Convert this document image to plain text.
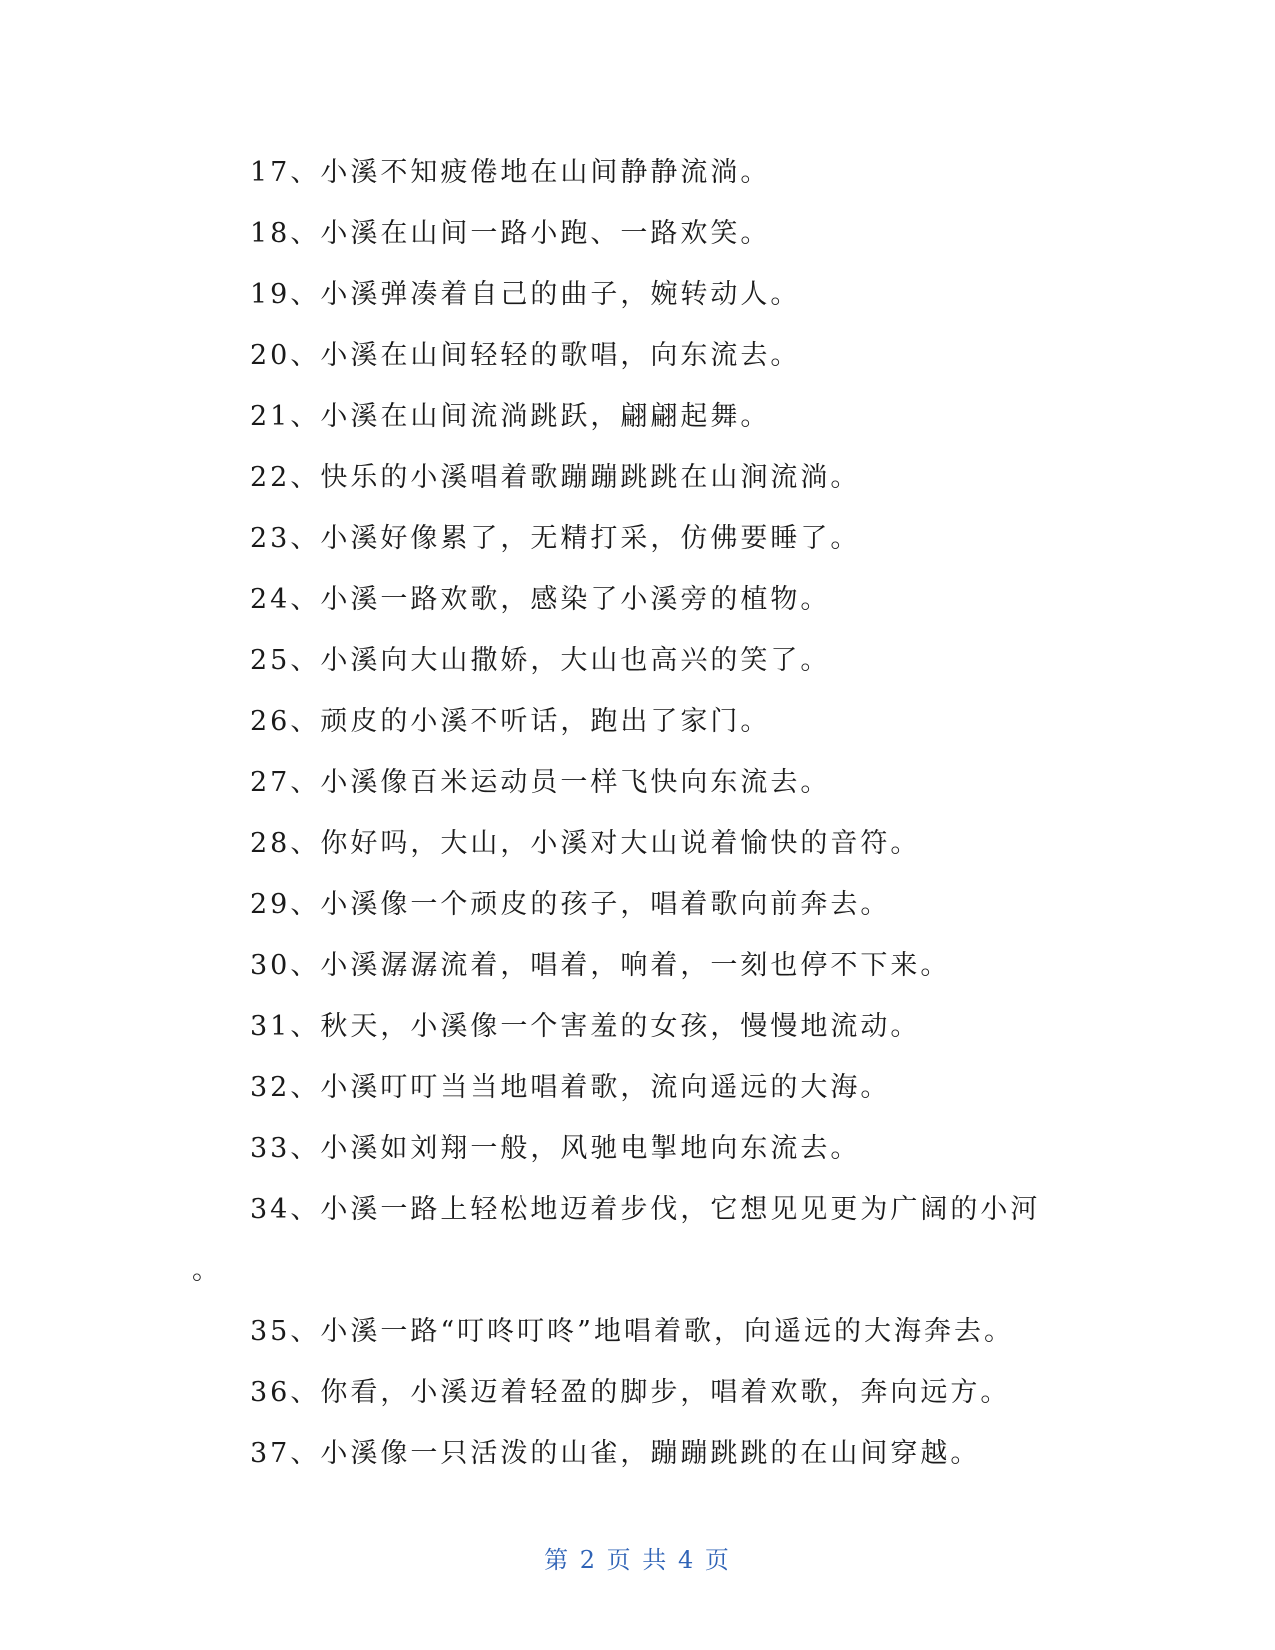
17、小溪不知疲倦地在山间静静流淌。
18、小溪在山间一路小跑、一路欢笑。
19、小溪弹凑着自己的曲子，婉转动人。
20、小溪在山间轻轻的歌唱，向东流去。
21、小溪在山间流淌跳跃，翩翩起舞。
22、快乐的小溪唱着歌蹦蹦跳跳在山涧流淌。
23、小溪好像累了，无精打采，仿佛要睡了。
24、小溪一路欢歌，感染了小溪旁的植物。
25、小溪向大山撒娇，大山也高兴的笑了。
26、顽皮的小溪不听话，跑出了家门。
27、小溪像百米运动员一样飞快向东流去。
28、你好吗，大山，小溪对大山说着愉快的音符。
29、小溪像一个顽皮的孩子，唱着歌向前奔去。
30、小溪潺潺流着，唱着，响着，一刻也停不下来。
31、秋天，小溪像一个害羞的女孩，慢慢地流动。
32、小溪叮叮当当地唱着歌，流向遥远的大海。
33、小溪如刘翔一般，风驰电掣地向东流去。
34、小溪一路上轻松地迈着步伐，它想见见更为广阔的小河
。
35、小溪一路“叮咚叮咚”地唱着歌，向遥远的大海奔去。
36、你看，小溪迈着轻盈的脚步，唱着欢歌，奔向远方。
37、小溪像一只活泼的山雀，蹦蹦跳跳的在山间穿越。
第 2 页 共 4 页
